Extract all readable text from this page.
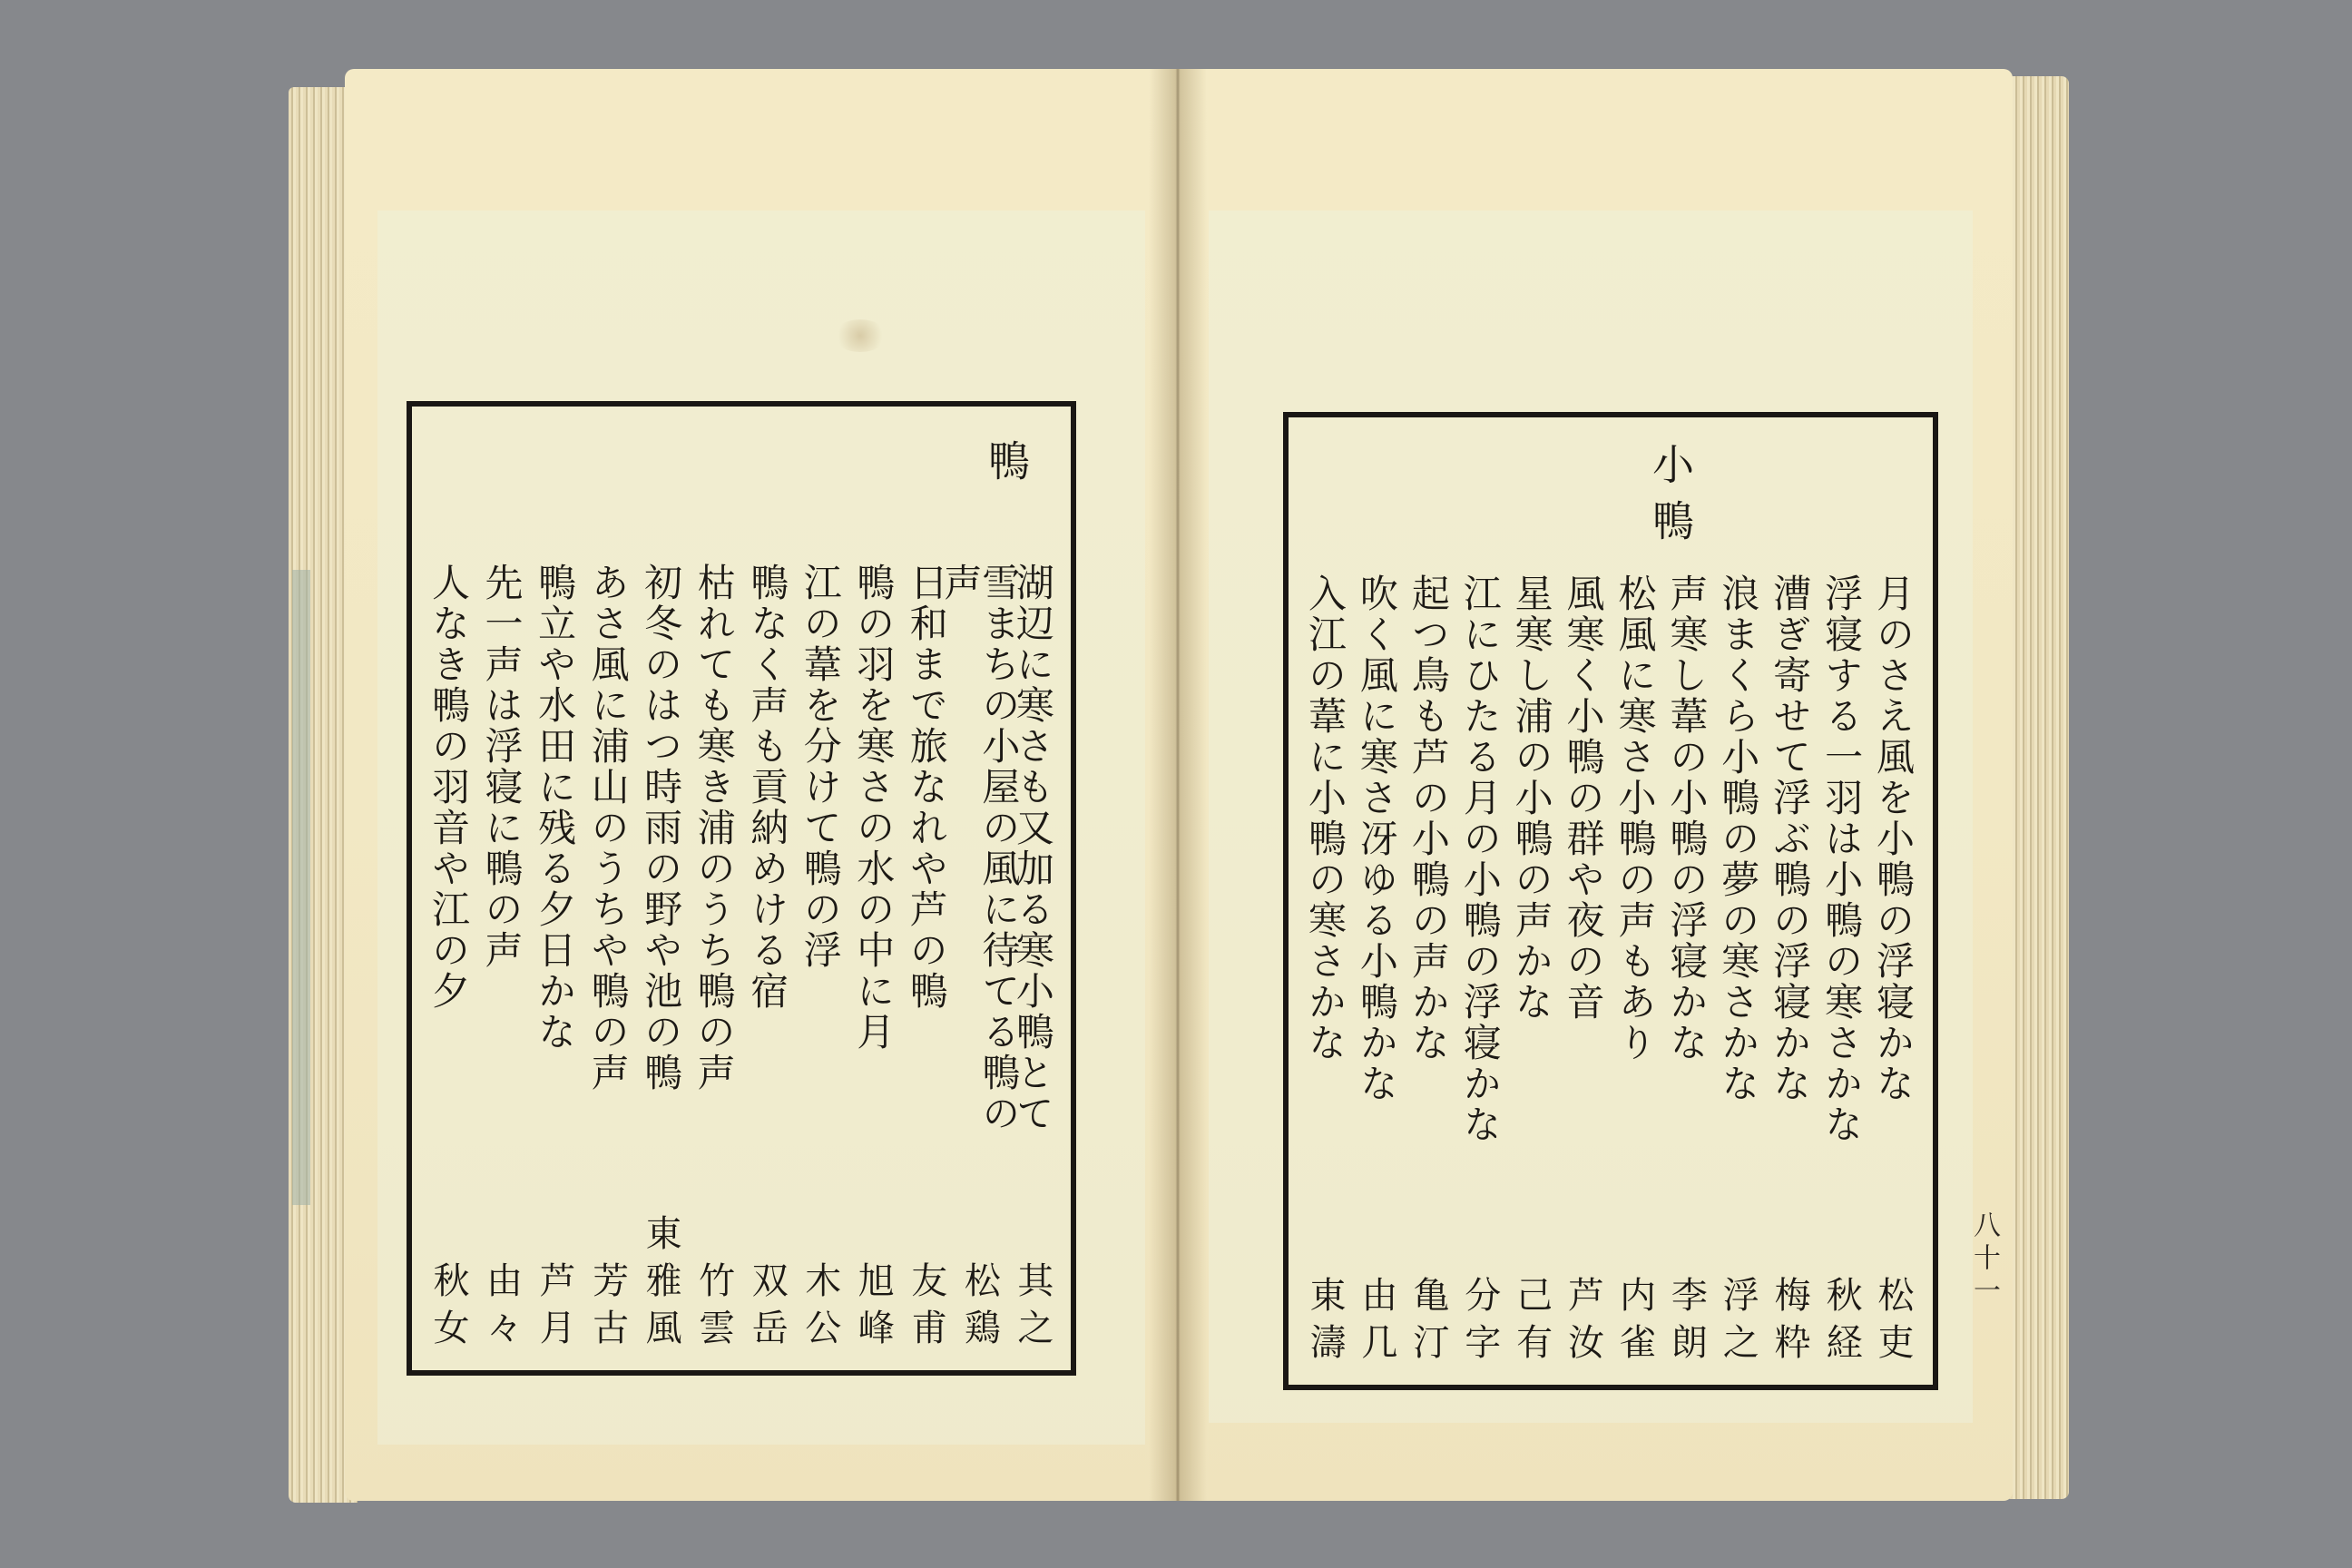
鴨
湖辺に寒さも又加る寒小鴨とて
其之
雪まちの小屋の風に待てる鴨の声
松鶏
日和まで旅なれや芦の鴨
友甫
鴨の羽を寒さの水の中に月
旭峰
江の葦を分けて鴨の浮
木公
鴨なく声も貢納めける宿
双岳
枯れても寒き浦のうち鴨の声
竹雲
初冬のはつ時雨の野や池の鴨
東雅風
あさ風に浦山のうちや鴨の声
芳古
鴨立や水田に残る夕日かな
芦月
先一声は浮寝に鴨の声
由々
人なき鴨の羽音や江の夕
秋女
小鴨
月のさえ風を小鴨の浮寝かな
松吏
浮寝する一羽は小鴨の寒さかな
秋経
漕ぎ寄せて浮ぶ鴨の浮寝かな
梅粋
浪まくら小鴨の夢の寒さかな
浮之
声寒し葦の小鴨の浮寝かな
李朗
松風に寒さ小鴨の声もあり
内雀
風寒く小鴨の群や夜の音
芦汝
星寒し浦の小鴨の声かな
己有
江にひたる月の小鴨の浮寝かな
分字
起つ鳥も芦の小鴨の声かな
亀汀
吹く風に寒さ冴ゆる小鴨かな
由几
入江の葦に小鴨の寒さかな
東濤
八十一
